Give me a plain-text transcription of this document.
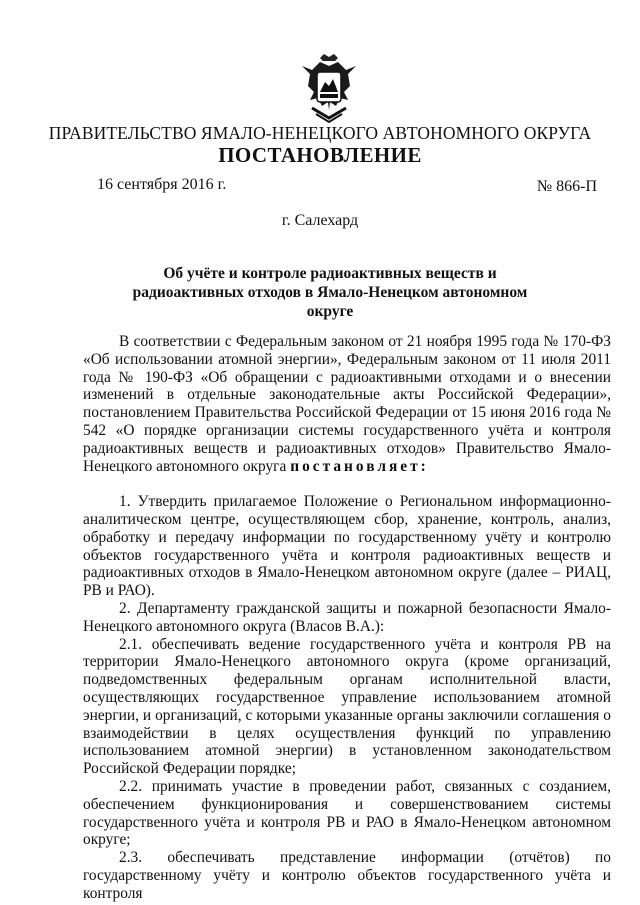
ПРАВИТЕЛЬСТВО ЯМАЛО-НЕНЕЦКОГО АВТОНОМНОГО ОКРУГА
ПОСТАНОВЛЕНИЕ
16 сентября 2016 г.	№ 866-П
г. Салехард
Об учёте и контроле радиоактивных веществ и радиоактивных отходов в Ямало-Ненецком автономном округе

В соответствии с Федеральным законом от 21 ноября 1995 года № 170-ФЗ «Об использовании атомной энергии», Федеральным законом от 11 июля 2011 года № 190-ФЗ «Об обращении с радиоактивными отходами и о внесении изменений в отдельные законодательные акты Российской Федерации», постановлением Правительства Российской Федерации от 15 июня 2016 года № 542 «О порядке организации системы государственного учёта и контроля радиоактивных веществ и радиоактивных отходов» Правительство Ямало-Ненецкого автономного округа постановляет:

1. Утвердить прилагаемое Положение о Региональном информационно-аналитическом центре, осуществляющем сбор, хранение, контроль, анализ, обработку и передачу информации по государственному учёту и контролю объектов государственного учёта и контроля радиоактивных веществ и радиоактивных отходов в Ямало-Ненецком автономном округе (далее – РИАЦ, РВ и РАО).

2. Департаменту гражданской защиты и пожарной безопасности Ямало-Ненецкого автономного округа (Власов В.А.):

2.1. обеспечивать ведение государственного учёта и контроля РВ на территории Ямало-Ненецкого автономного округа (кроме организаций, подведомственных федеральным органам исполнительной власти, осуществляющих государственное управление использованием атомной энергии, и организаций, с которыми указанные органы заключили соглашения о взаимодействии в целях осуществления функций по управлению использованием атомной энергии) в установленном законодательством Российской Федерации порядке;

2.2. принимать участие в проведении работ, связанных с созданием, обеспечением функционирования и совершенствованием системы государственного учёта и контроля РВ и РАО в Ямало-Ненецком автономном округе;

2.3. обеспечивать представление информации (отчётов) по государственному учёту и контролю объектов государственного учёта и контроля
